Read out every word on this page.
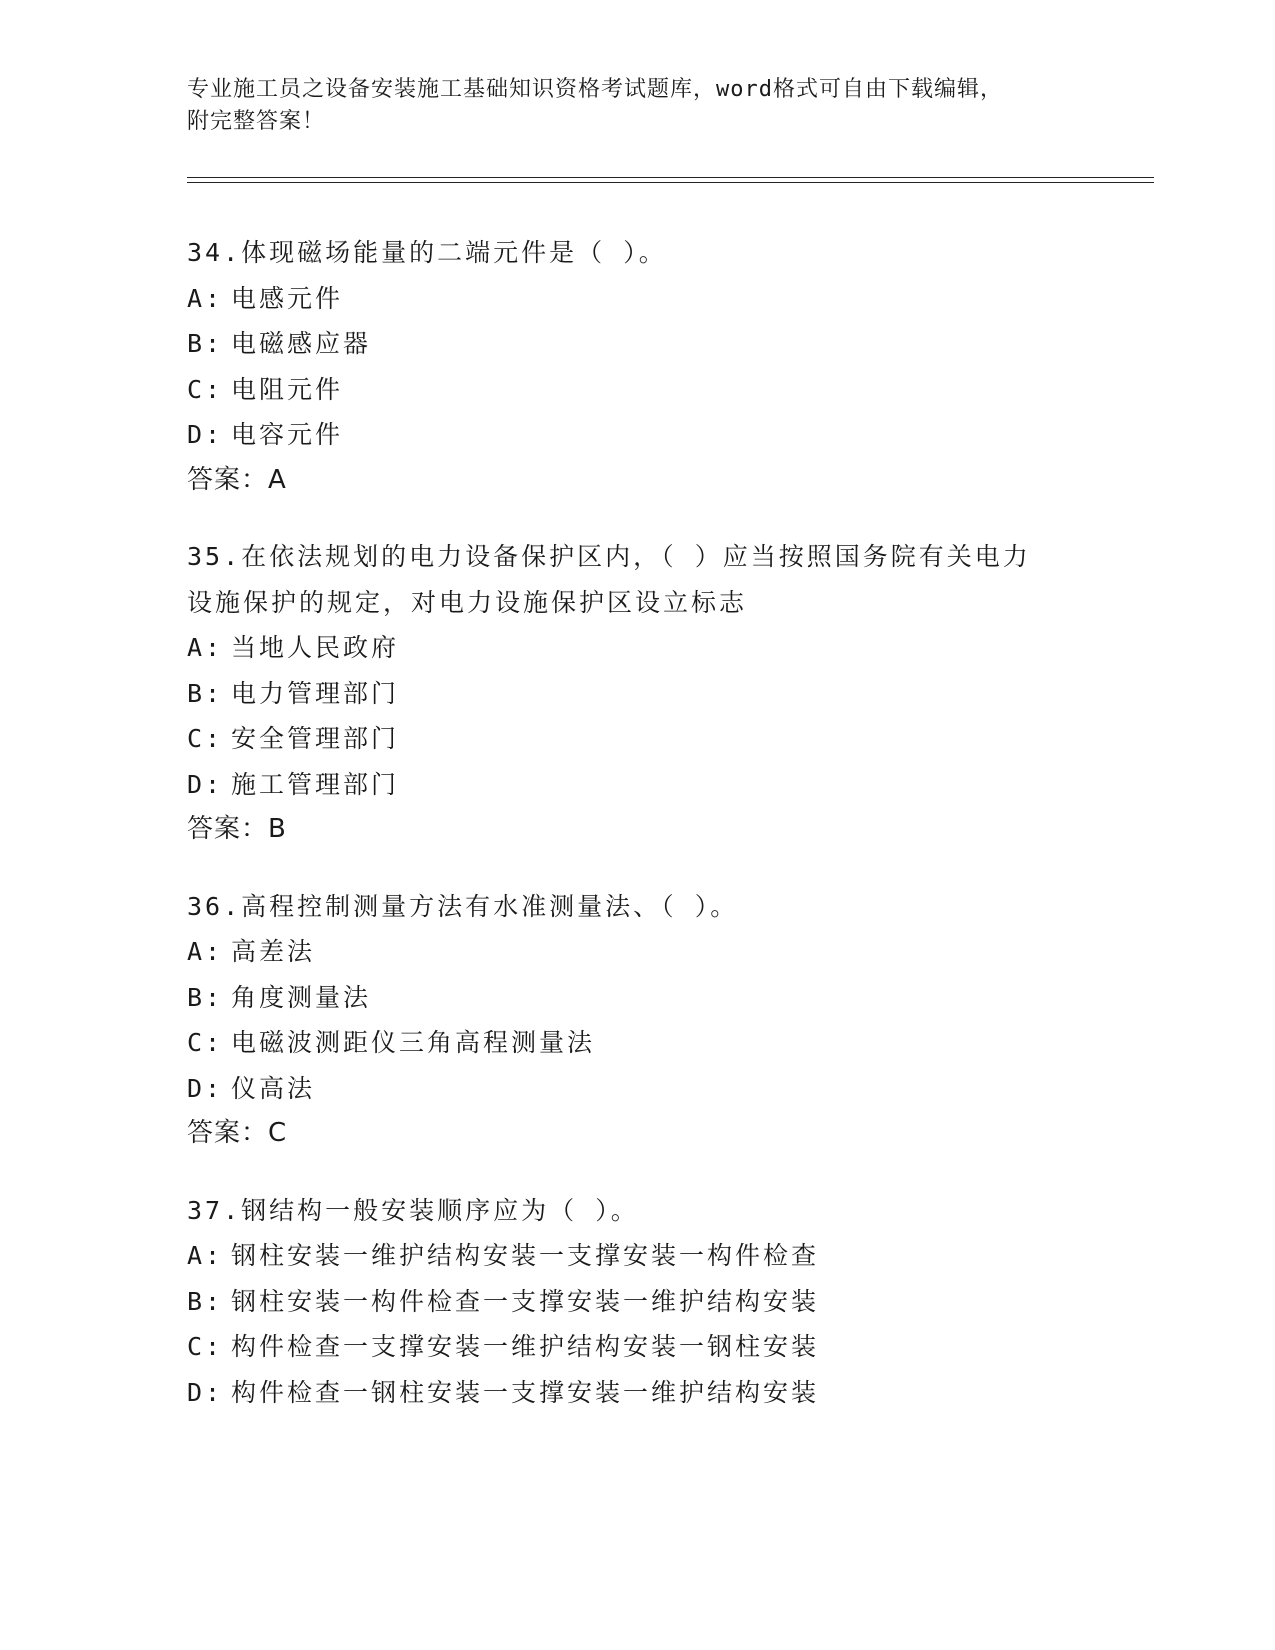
专业施工员之设备安装施工基础知识资格考试题库，word格式可自由下载编辑，
附完整答案！
34.体现磁场能量的二端元件是（ ）。
A: 电感元件
B: 电磁感应器
C: 电阻元件
D: 电容元件
答案：A
35.在依法规划的电力设备保护区内，（ ）应当按照国务院有关电力
设施保护的规定，对电力设施保护区设立标志
A: 当地人民政府
B: 电力管理部门
C: 安全管理部门
D: 施工管理部门
答案：B
36.高程控制测量方法有水准测量法、（ ）。
A: 高差法
B: 角度测量法
C: 电磁波测距仪三角高程测量法
D: 仪高法
答案：C
37.钢结构一般安装顺序应为（ ）。
A: 钢柱安装一维护结构安装一支撑安装一构件检查
B: 钢柱安装一构件检查一支撑安装一维护结构安装
C: 构件检查一支撑安装一维护结构安装一钢柱安装
D: 构件检查一钢柱安装一支撑安装一维护结构安装
